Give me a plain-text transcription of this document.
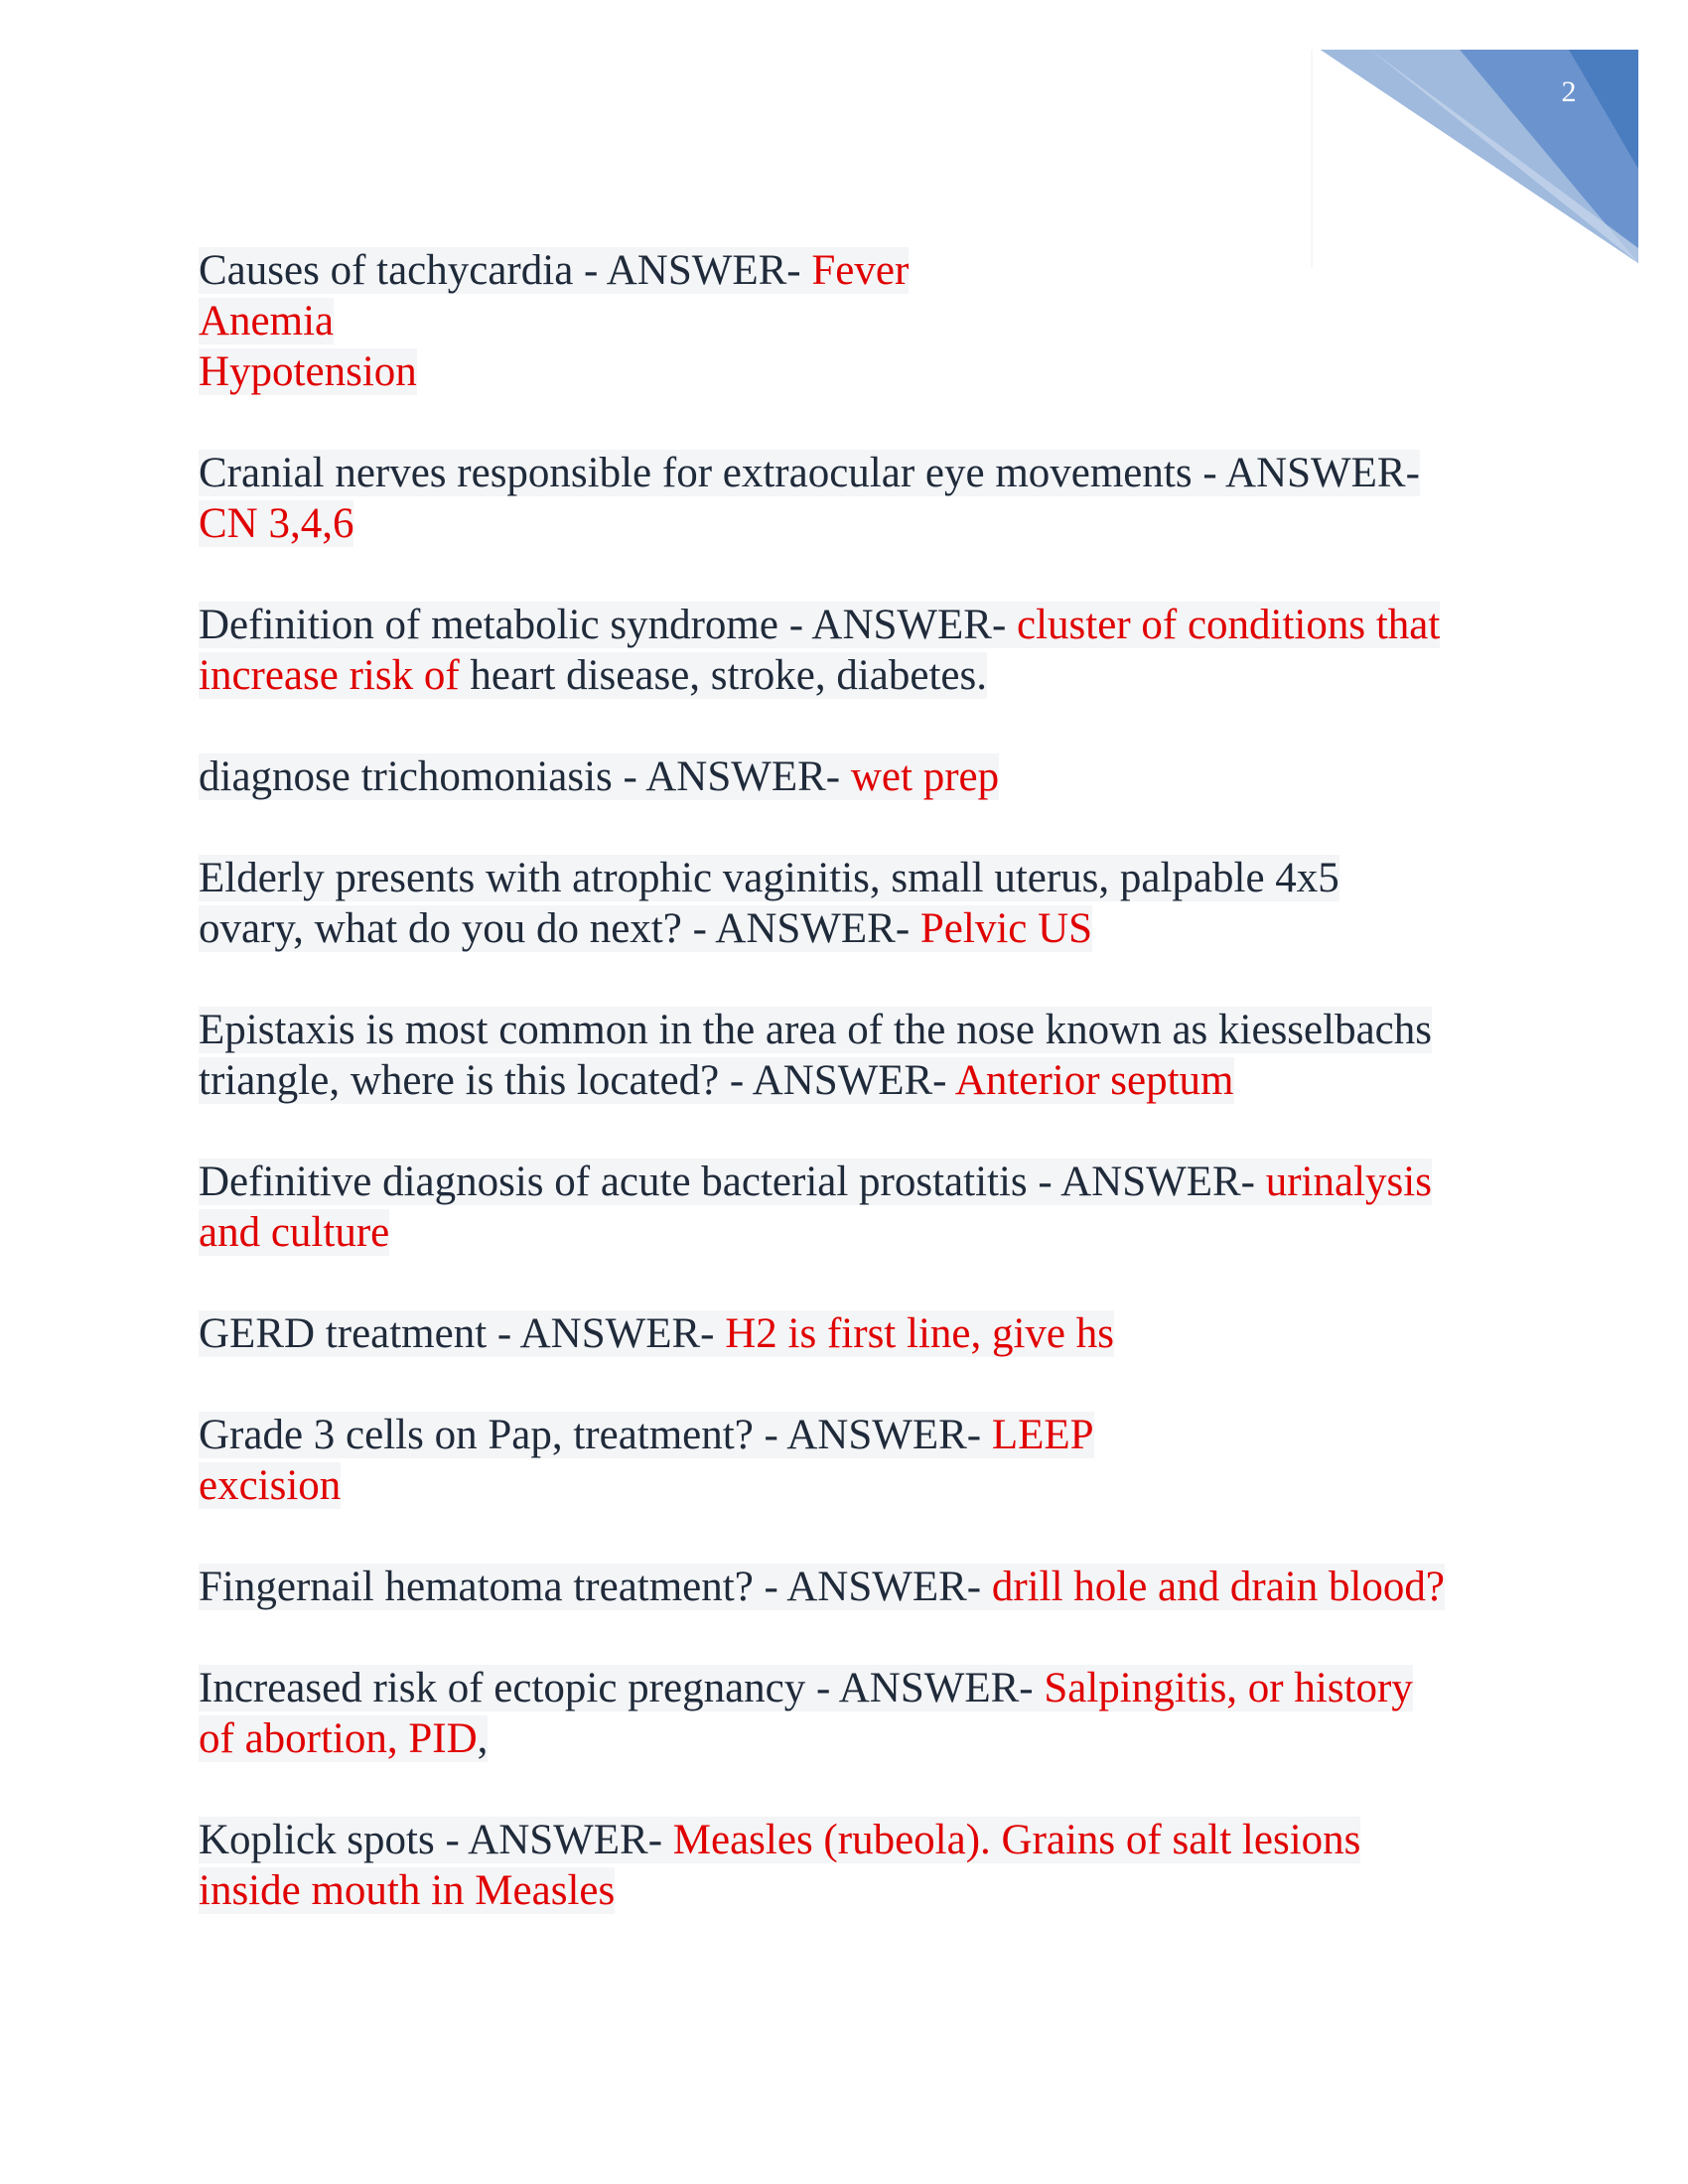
2
Causes of tachycardia - ANSWER- Fever
Anemia
Hypotension
Cranial nerves responsible for extraocular eye movements - ANSWER-
CN 3,4,6
Definition of metabolic syndrome - ANSWER- cluster of conditions that
increase risk of heart disease, stroke, diabetes.
diagnose trichomoniasis - ANSWER- wet prep
Elderly presents with atrophic vaginitis, small uterus, palpable 4x5
ovary, what do you do next? - ANSWER- Pelvic US
Epistaxis is most common in the area of the nose known as kiesselbachs
triangle, where is this located? - ANSWER- Anterior septum
Definitive diagnosis of acute bacterial prostatitis - ANSWER- urinalysis
and culture
GERD treatment - ANSWER- H2 is first line, give hs
Grade 3 cells on Pap, treatment? - ANSWER- LEEP
excision
Fingernail hematoma treatment? - ANSWER- drill hole and drain blood?
Increased risk of ectopic pregnancy - ANSWER- Salpingitis, or history
of abortion, PID,
Koplick spots - ANSWER- Measles (rubeola). Grains of salt lesions
inside mouth in Measles
